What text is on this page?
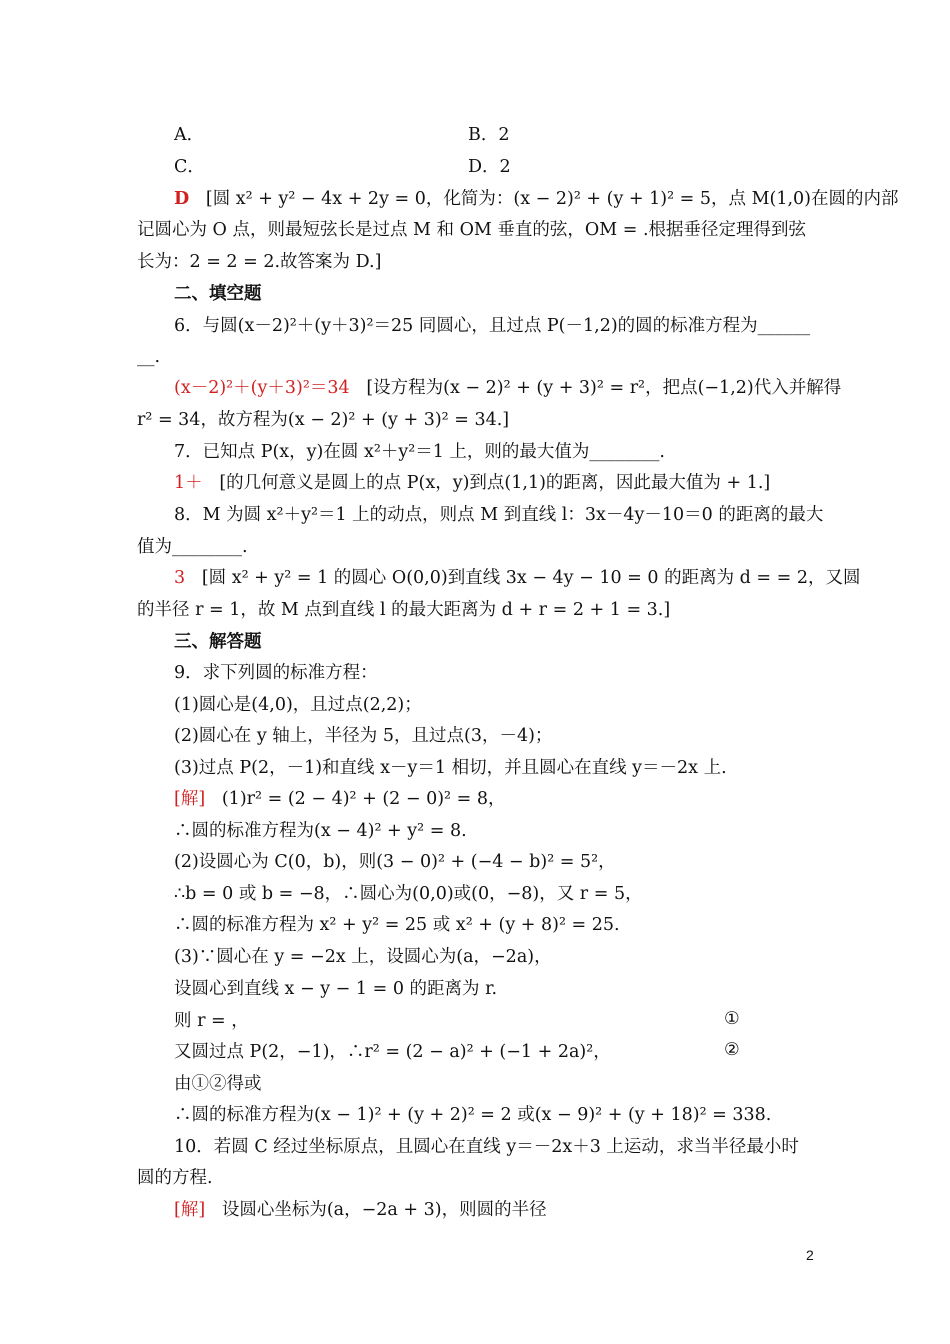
A．	B．2
C．	D．2
D [圆 x² + y² − 4x + 2y = 0，化简为：(x − 2)² + (y + 1)² = 5，点 M(1,0)在圆的内部
记圆心为 O 点，则最短弦长是过点 M 和 OM 垂直的弦，OM = .根据垂径定理得到弦
长为：2 = 2 = 2.故答案为 D.]
二、填空题
6．与圆(x－2)²＋(y＋3)²＝25 同圆心，且过点 P(－1,2)的圆的标准方程为______
__.
(x－2)²＋(y＋3)²＝34 [设方程为(x − 2)² + (y + 3)² = r²，把点(−1,2)代入并解得
r² = 34，故方程为(x − 2)² + (y + 3)² = 34.]
7．已知点 P(x，y)在圆 x²＋y²＝1 上，则的最大值为________.
1＋ [的几何意义是圆上的点 P(x，y)到点(1,1)的距离，因此最大值为 + 1.]
8．M 为圆 x²＋y²＝1 上的动点，则点 M 到直线 l：3x－4y－10＝0 的距离的最大
值为________.
3 [圆 x² + y² = 1 的圆心 O(0,0)到直线 3x − 4y − 10 = 0 的距离为 d = = 2，又圆
的半径 r = 1，故 M 点到直线 l 的最大距离为 d + r = 2 + 1 = 3.]
三、解答题
9．求下列圆的标准方程：
(1)圆心是(4,0)，且过点(2,2)；
(2)圆心在 y 轴上，半径为 5，且过点(3，－4)；
(3)过点 P(2，－1)和直线 x－y＝1 相切，并且圆心在直线 y＝－2x 上.
[解] (1)r² = (2 − 4)² + (2 − 0)² = 8，
∴圆的标准方程为(x − 4)² + y² = 8.
(2)设圆心为 C(0，b)，则(3 − 0)² + (−4 − b)² = 5²，
∴b = 0 或 b = −8，∴圆心为(0,0)或(0，−8)，又 r = 5，
∴圆的标准方程为 x² + y² = 25 或 x² + (y + 8)² = 25.
(3)∵圆心在 y = −2x 上，设圆心为(a，−2a)，
设圆心到直线 x − y − 1 = 0 的距离为 r.
则 r = ，	①
又圆过点 P(2，−1)，∴r² = (2 − a)² + (−1 + 2a)²，	②
由①②得或
∴圆的标准方程为(x − 1)² + (y + 2)² = 2 或(x − 9)² + (y + 18)² = 338.
10．若圆 C 经过坐标原点，且圆心在直线 y＝－2x＋3 上运动，求当半径最小时
圆的方程.
[解] 设圆心坐标为(a，−2a + 3)，则圆的半径
2
